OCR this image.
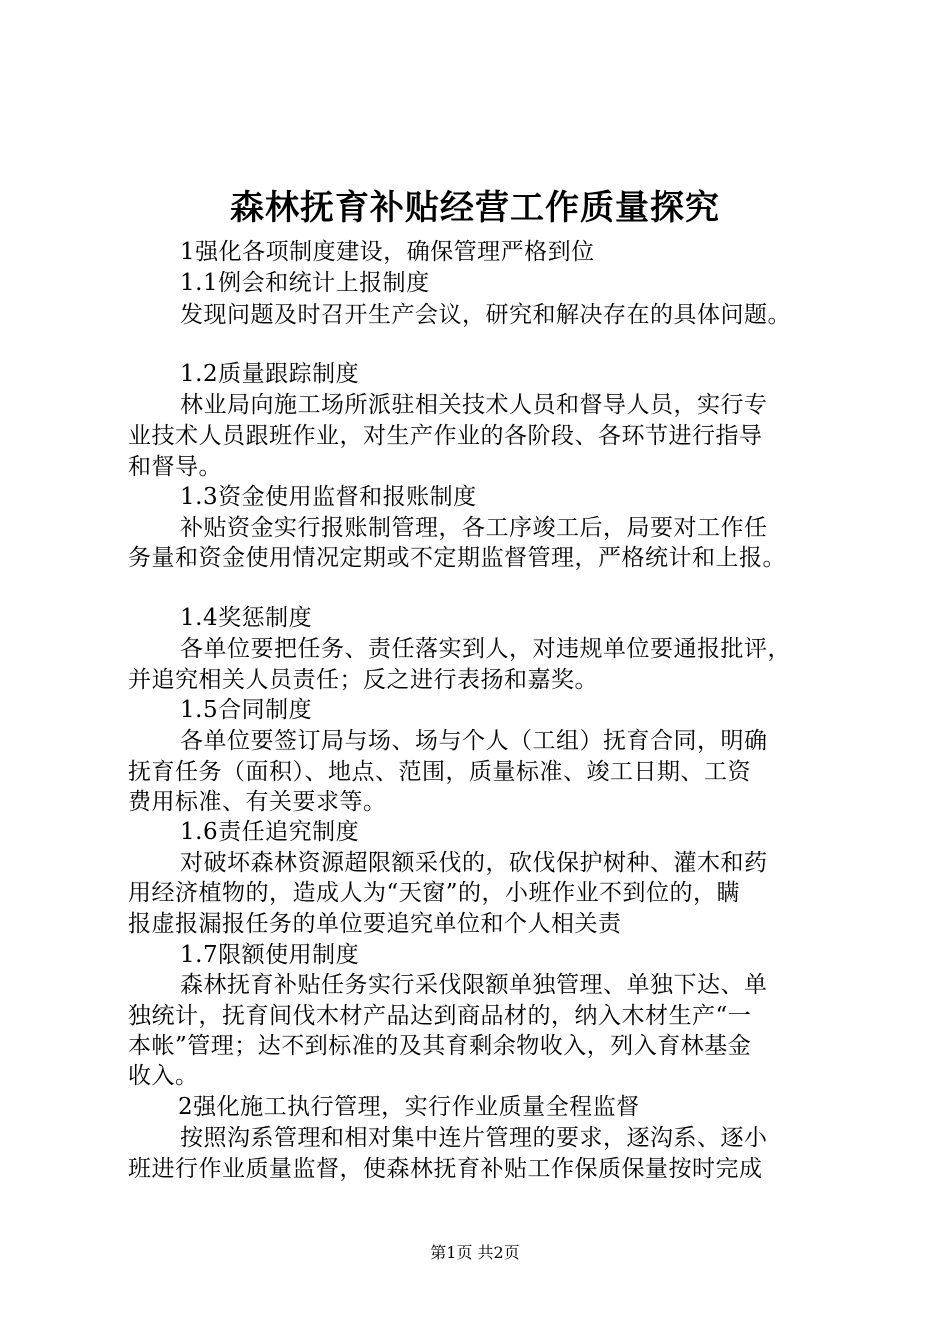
森林抚育补贴经营工作质量探究
1强化各项制度建设，确保管理严格到位
1.1例会和统计上报制度
发现问题及时召开生产会议，研究和解决存在的具体问题。
1.2质量跟踪制度
林业局向施工场所派驻相关技术人员和督导人员，实行专
业技术人员跟班作业，对生产作业的各阶段、各环节进行指导
和督导。
1.3资金使用监督和报账制度
补贴资金实行报账制管理，各工序竣工后，局要对工作任
务量和资金使用情况定期或不定期监督管理，严格统计和上报。
1.4奖惩制度
各单位要把任务、责任落实到人，对违规单位要通报批评，
并追究相关人员责任；反之进行表扬和嘉奖。
1.5合同制度
各单位要签订局与场、场与个人（工组）抚育合同，明确
抚育任务（面积）、地点、范围，质量标准、竣工日期、工资
费用标准、有关要求等。
1.6责任追究制度
对破坏森林资源超限额采伐的，砍伐保护树种、灌木和药
用经济植物的，造成人为“天窗”的，小班作业不到位的，瞒
报虚报漏报任务的单位要追究单位和个人相关责
1.7限额使用制度
森林抚育补贴任务实行采伐限额单独管理、单独下达、单
独统计，抚育间伐木材产品达到商品材的，纳入木材生产“一
本帐”管理；达不到标准的及其育剩余物收入，列入育林基金
收入。
2强化施工执行管理，实行作业质量全程监督
按照沟系管理和相对集中连片管理的要求，逐沟系、逐小
班进行作业质量监督，使森林抚育补贴工作保质保量按时完成
第1页 共2页
